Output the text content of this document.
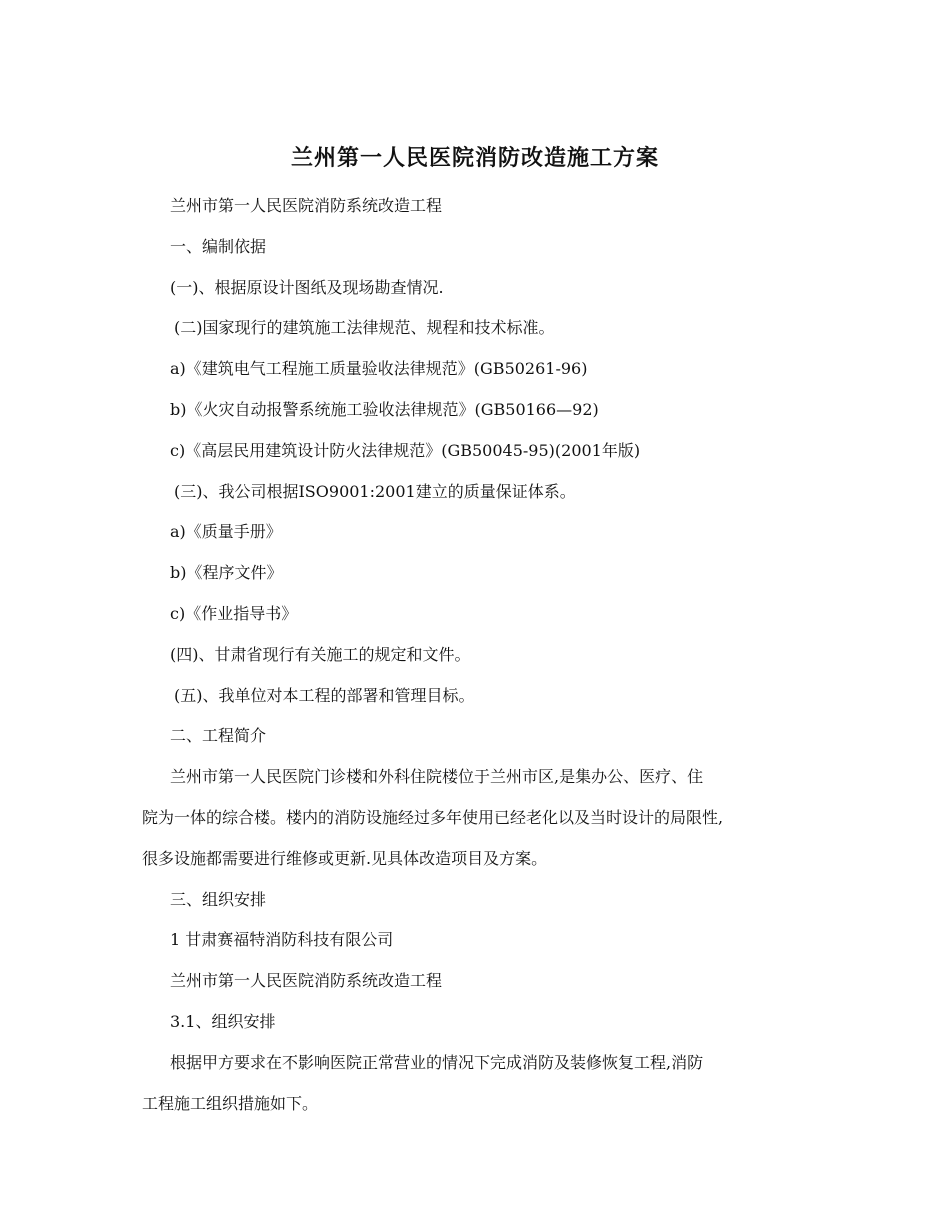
兰州第一人民医院消防改造施工方案

兰州市第一人民医院消防系统改造工程

一、编制依据

(一)、根据原设计图纸及现场勘查情况.

(二)国家现行的建筑施工法律规范、规程和技术标准。

a)《建筑电气工程施工质量验收法律规范》(GB50261-96)

b)《火灾自动报警系统施工验收法律规范》(GB50166—92)

c)《高层民用建筑设计防火法律规范》(GB50045-95)(2001年版)

(三)、我公司根据ISO9001:2001建立的质量保证体系。

a)《质量手册》

b)《程序文件》

c)《作业指导书》

(四)、甘肃省现行有关施工的规定和文件。

(五)、我单位对本工程的部署和管理目标。

二、工程简介

兰州市第一人民医院门诊楼和外科住院楼位于兰州市区,是集办公、医疗、住

院为一体的综合楼。楼内的消防设施经过多年使用已经老化以及当时设计的局限性,

很多设施都需要进行维修或更新.见具体改造项目及方案。

三、组织安排

1 甘肃赛福特消防科技有限公司

兰州市第一人民医院消防系统改造工程

3.1、组织安排

根据甲方要求在不影响医院正常营业的情况下完成消防及装修恢复工程,消防

工程施工组织措施如下。
